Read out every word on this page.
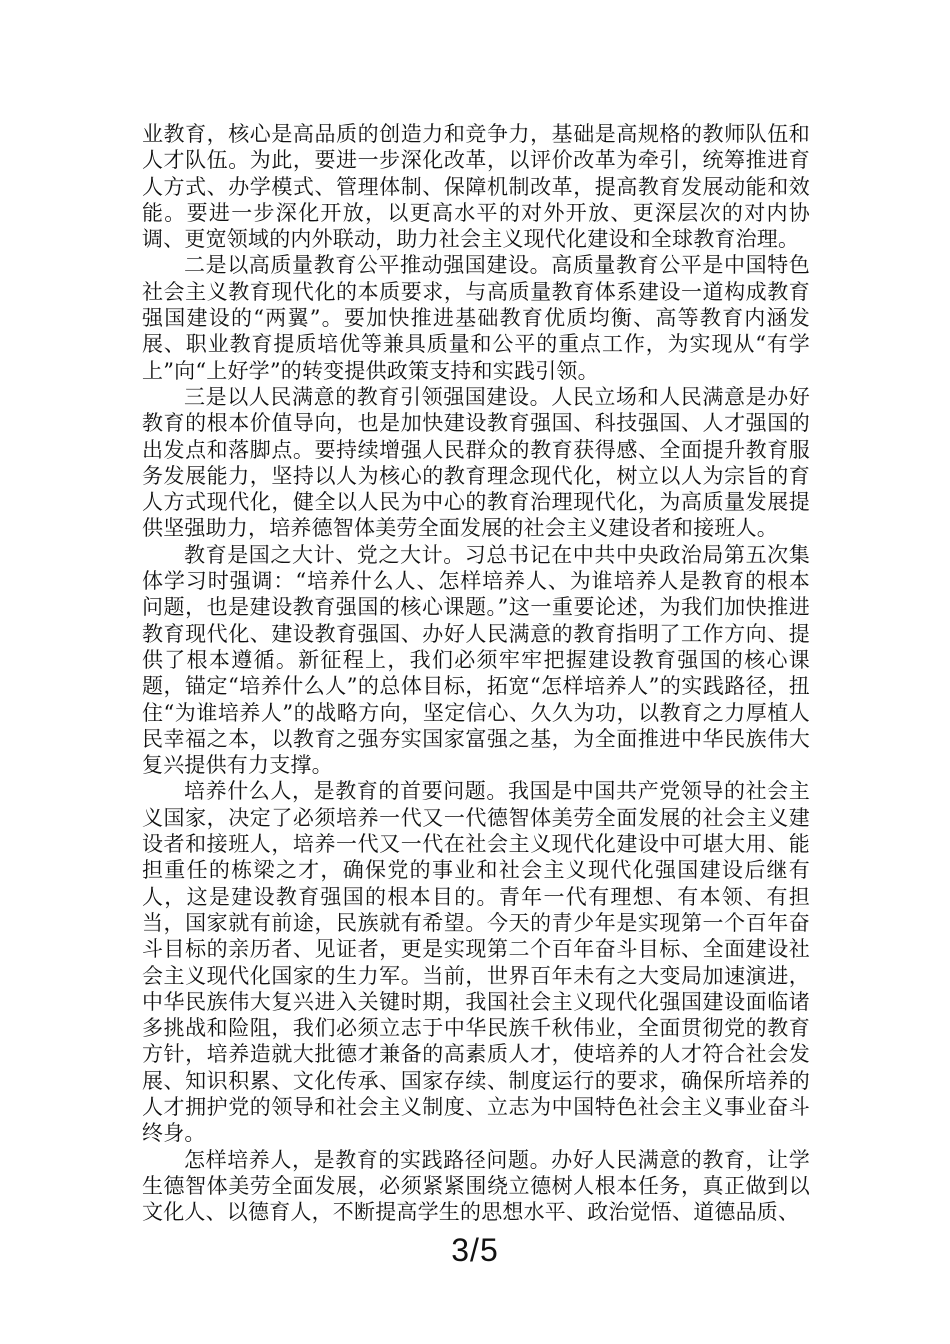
业教育，核心是高品质的创造力和竞争力，基础是高规格的教师队伍和人才队伍。为此，要进一步深化改革，以评价改革为牵引，统筹推进育人方式、办学模式、管理体制、保障机制改革，提高教育发展动能和效能。要进一步深化开放，以更高水平的对外开放、更深层次的对内协调、更宽领域的内外联动，助力社会主义现代化建设和全球教育治理。

二是以高质量教育公平推动强国建设。高质量教育公平是中国特色社会主义教育现代化的本质要求，与高质量教育体系建设一道构成教育强国建设的“两翼”。要加快推进基础教育优质均衡、高等教育内涵发展、职业教育提质培优等兼具质量和公平的重点工作，为实现从“有学上”向“上好学”的转变提供政策支持和实践引领。

三是以人民满意的教育引领强国建设。人民立场和人民满意是办好教育的根本价值导向，也是加快建设教育强国、科技强国、人才强国的出发点和落脚点。要持续增强人民群众的教育获得感、全面提升教育服务发展能力，坚持以人为核心的教育理念现代化，树立以人为宗旨的育人方式现代化，健全以人民为中心的教育治理现代化，为高质量发展提供坚强助力，培养德智体美劳全面发展的社会主义建设者和接班人。

教育是国之大计、党之大计。习总书记在中共中央政治局第五次集体学习时强调：“培养什么人、怎样培养人、为谁培养人是教育的根本问题，也是建设教育强国的核心课题。”这一重要论述，为我们加快推进教育现代化、建设教育强国、办好人民满意的教育指明了工作方向、提供了根本遵循。新征程上，我们必须牢牢把握建设教育强国的核心课题，锚定“培养什么人”的总体目标，拓宽“怎样培养人”的实践路径，扭住“为谁培养人”的战略方向，坚定信心、久久为功，以教育之力厚植人民幸福之本，以教育之强夯实国家富强之基，为全面推进中华民族伟大复兴提供有力支撑。

培养什么人，是教育的首要问题。我国是中国共产党领导的社会主义国家，决定了必须培养一代又一代德智体美劳全面发展的社会主义建设者和接班人，培养一代又一代在社会主义现代化建设中可堪大用、能担重任的栋梁之才，确保党的事业和社会主义现代化强国建设后继有人，这是建设教育强国的根本目的。青年一代有理想、有本领、有担当，国家就有前途，民族就有希望。今天的青少年是实现第一个百年奋斗目标的亲历者、见证者，更是实现第二个百年奋斗目标、全面建设社会主义现代化国家的生力军。当前，世界百年未有之大变局加速演进，中华民族伟大复兴进入关键时期，我国社会主义现代化强国建设面临诸多挑战和险阻，我们必须立志于中华民族千秋伟业，全面贯彻党的教育方针，培养造就大批德才兼备的高素质人才，使培养的人才符合社会发展、知识积累、文化传承、国家存续、制度运行的要求，确保所培养的人才拥护党的领导和社会主义制度、立志为中国特色社会主义事业奋斗终身。

怎样培养人，是教育的实践路径问题。办好人民满意的教育，让学生德智体美劳全面发展，必须紧紧围绕立德树人根本任务，真正做到以文化人、以德育人，不断提高学生的思想水平、政治觉悟、道德品质、

3/5
